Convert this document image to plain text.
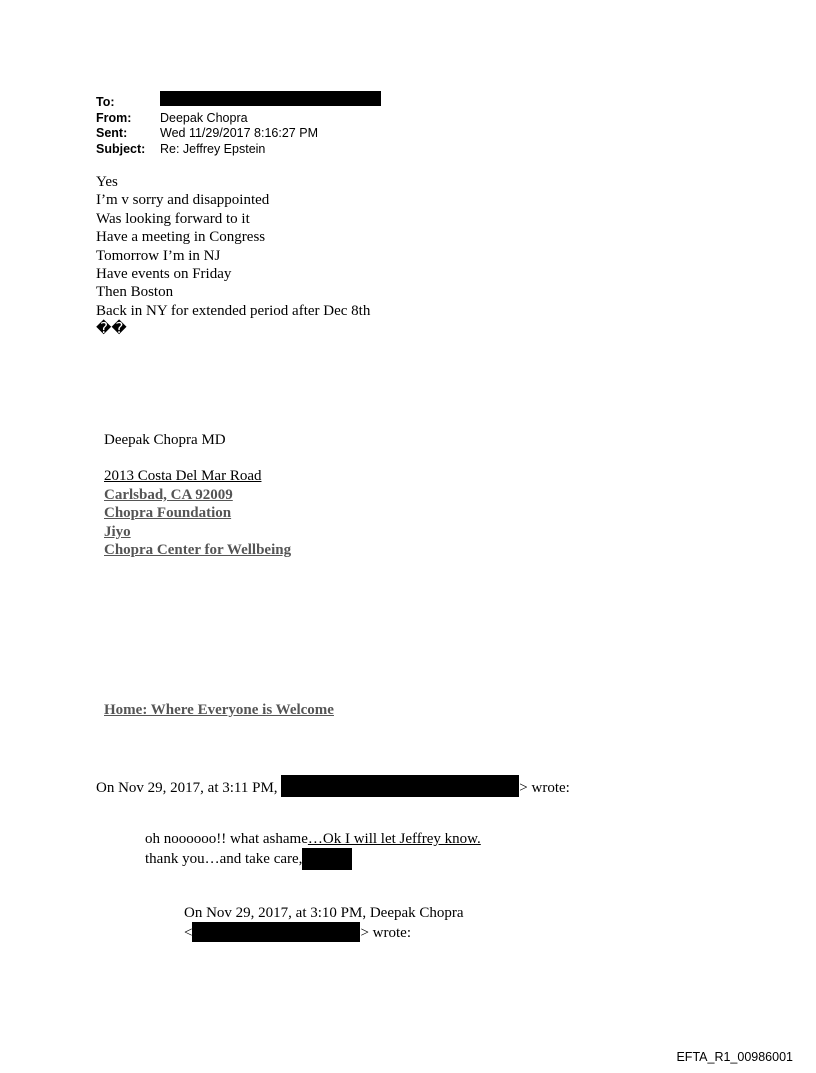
To:
From:	Deepak Chopra
Sent:	Wed 11/29/2017 8:16:27 PM
Subject:	Re: Jeffrey Epstein
Yes
I’m v sorry and disappointed
Was looking forward to it
Have a meeting in Congress
Tomorrow I’m in NJ
Have events on Friday
Then Boston
Back in NY for extended period after Dec 8th
��
Deepak Chopra MD
2013 Costa Del Mar Road
Carlsbad, CA 92009
Chopra Foundation
Jiyo
Chopra Center for Wellbeing
Home: Where Everyone is Welcome
On Nov 29, 2017, at 3:11 PM,	> wrote:
oh noooooo!! what ashame…Ok I will let Jeffrey know.
thank you…and take care,
On Nov 29, 2017, at 3:10 PM, Deepak Chopra
<	> wrote:
EFTA_R1_00986001
